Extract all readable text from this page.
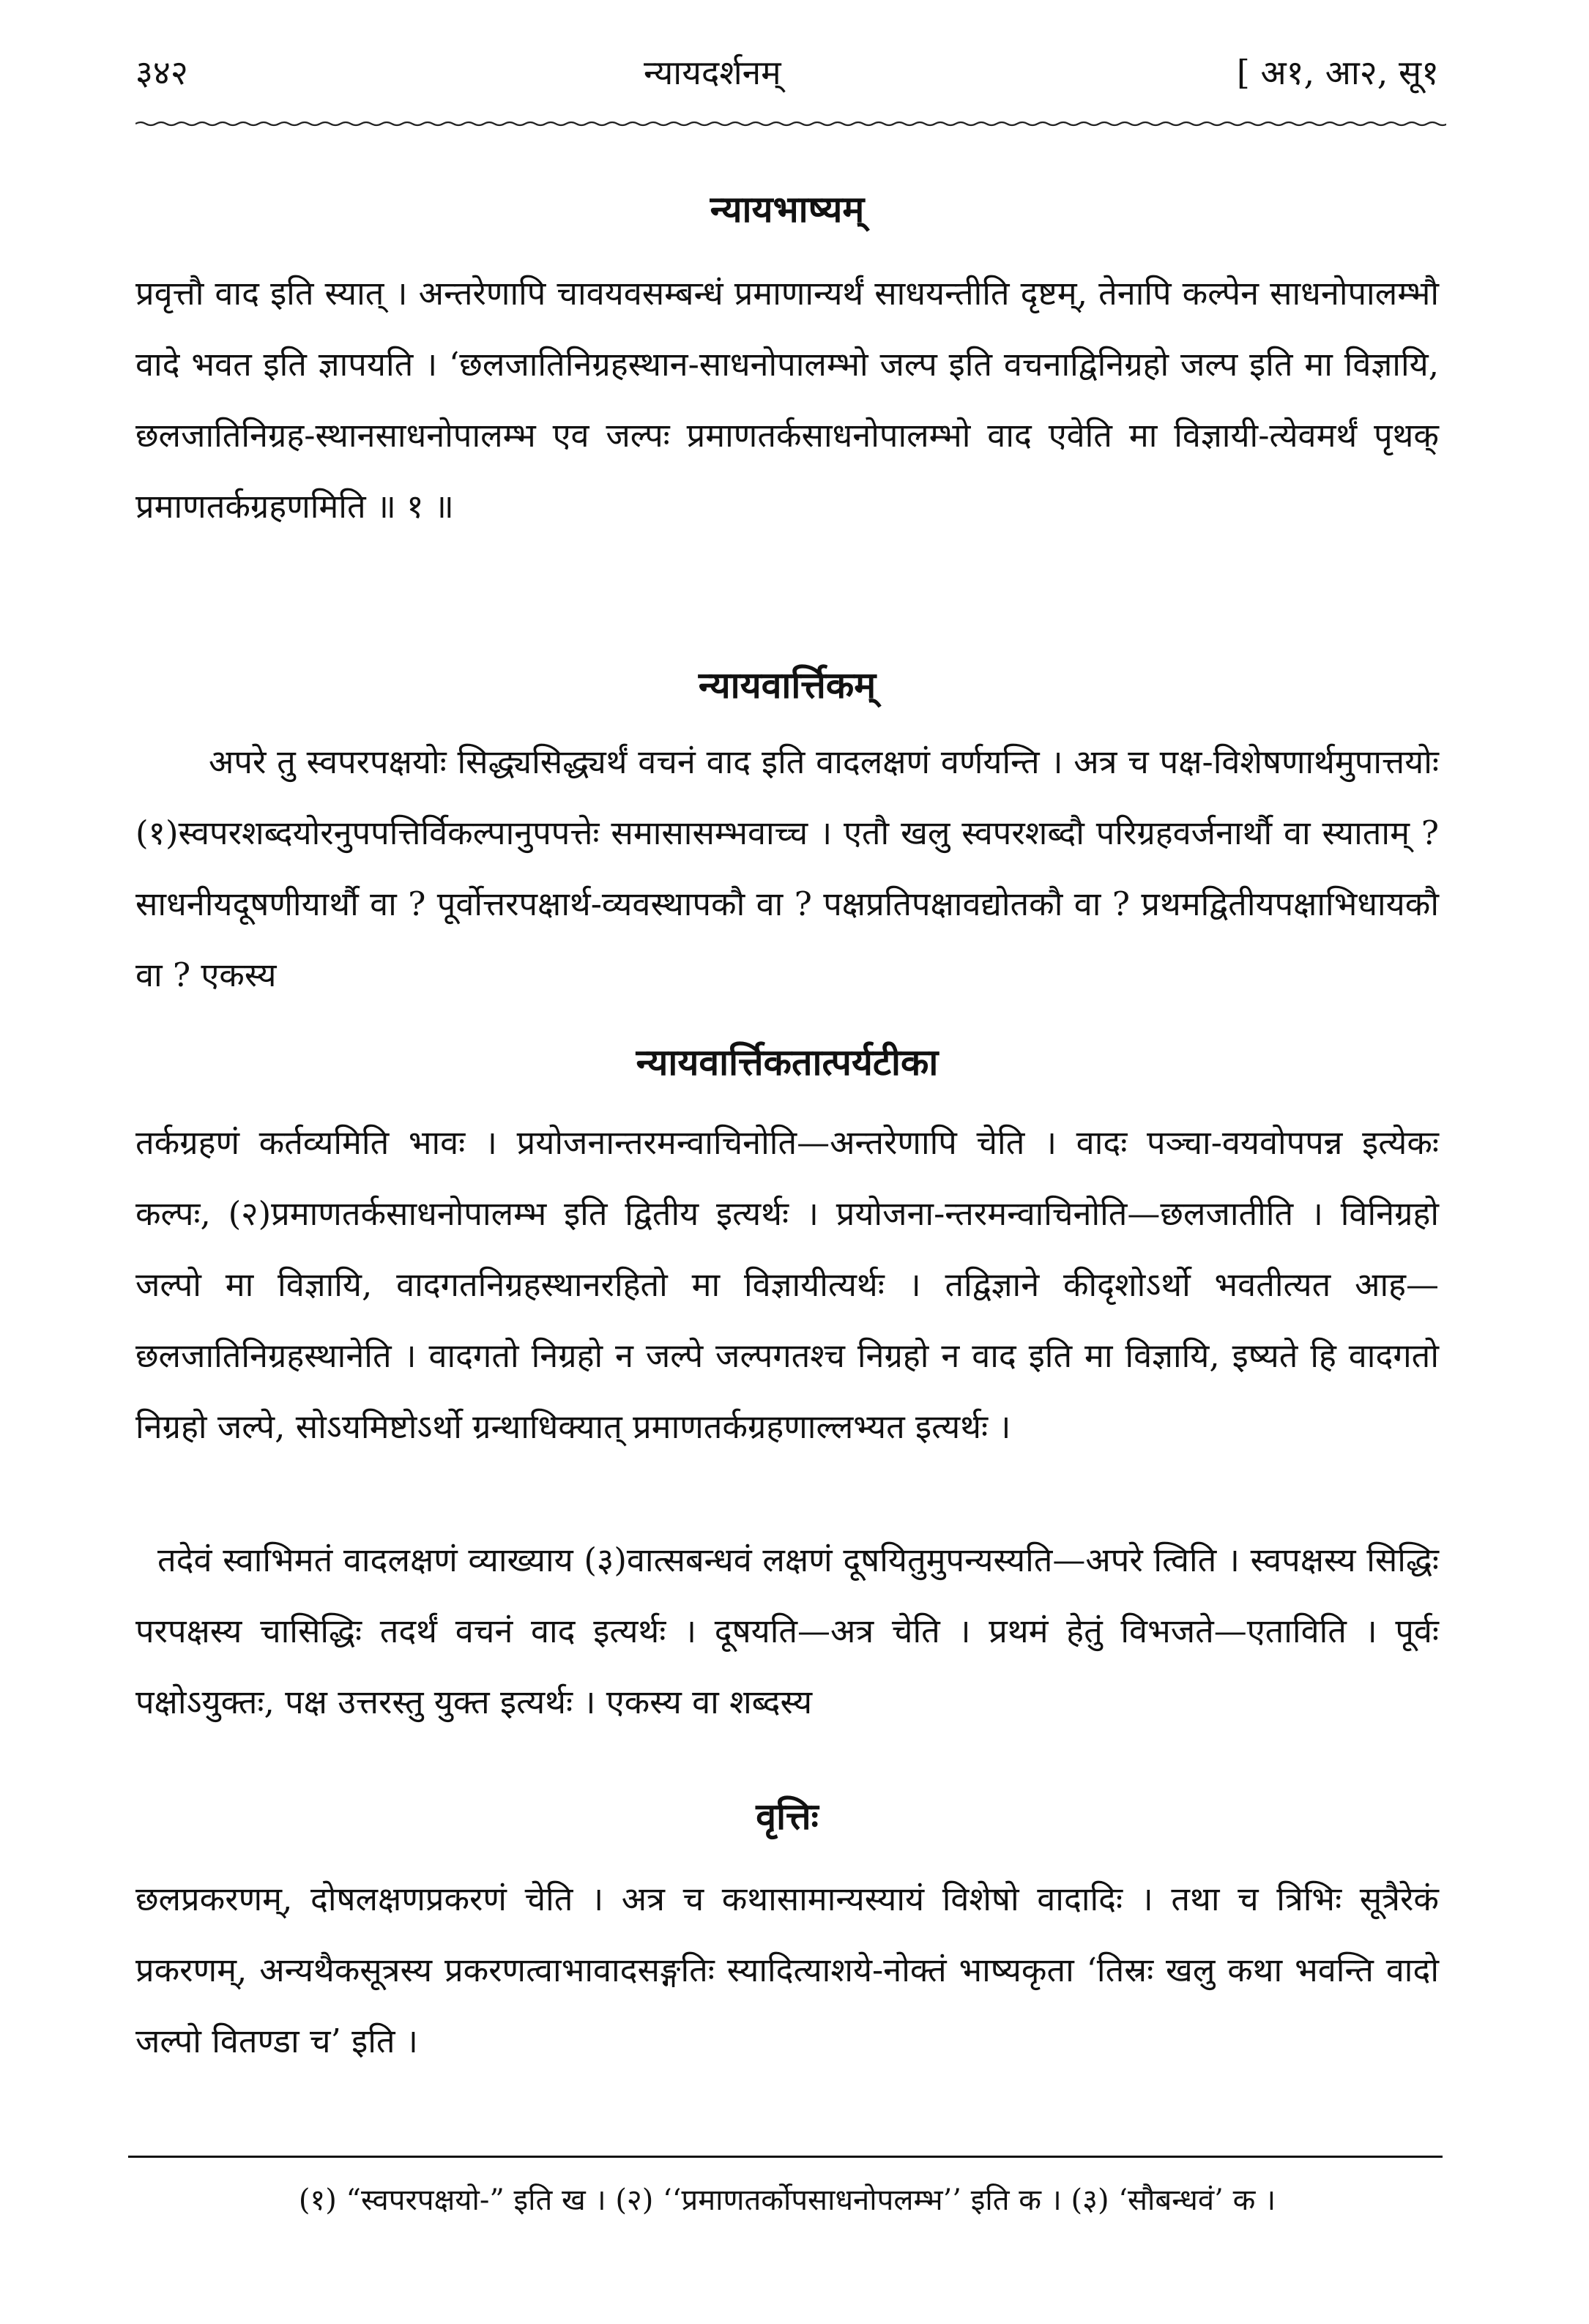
३४२	न्यायदर्शनम्	[ अ१, आ२, सू१
न्यायभाष्यम्
प्रवृत्तौ वाद इति स्यात् । अन्तरेणापि चावयवसम्बन्धं प्रमाणान्यर्थं साधयन्तीति दृष्टम्, तेनापि कल्पेन साधनोपालम्भौ वादे भवत इति ज्ञापयति । ‘छलजातिनिग्रहस्थान-साधनोपालम्भो जल्प इति वचनाद्विनिग्रहो जल्प इति मा विज्ञायि, छलजातिनिग्रह-स्थानसाधनोपालम्भ एव जल्पः प्रमाणतर्कसाधनोपालम्भो वाद एवेति मा विज्ञायी-त्येवमर्थं पृथक् प्रमाणतर्कग्रहणमिति ॥ १ ॥
न्यायवार्त्तिकम्
अपरे तु स्वपरपक्षयोः सिद्ध्यसिद्ध्यर्थं वचनं वाद इति वादलक्षणं वर्णयन्ति । अत्र च पक्ष-विशेषणार्थमुपात्तयोः (१)स्वपरशब्दयोरनुपपत्तिर्विकल्पानुपपत्तेः समासासम्भवाच्च । एतौ खलु स्वपरशब्दौ परिग्रहवर्जनार्थौ वा स्याताम् ? साधनीयदूषणीयार्थौ वा ? पूर्वोत्तरपक्षार्थ-व्यवस्थापकौ वा ? पक्षप्रतिपक्षावद्योतकौ वा ? प्रथमद्वितीयपक्षाभिधायकौ वा ? एकस्य
न्यायवार्त्तिकतात्पर्यटीका
तर्कग्रहणं कर्तव्यमिति भावः । प्रयोजनान्तरमन्वाचिनोति—अन्तरेणापि चेति । वादः पञ्चा-वयवोपपन्न इत्येकः कल्पः, (२)प्रमाणतर्कसाधनोपालम्भ इति द्वितीय इत्यर्थः । प्रयोजना-न्तरमन्वाचिनोति—छलजातीति । विनिग्रहो जल्पो मा विज्ञायि, वादगतनिग्रहस्थानरहितो मा विज्ञायीत्यर्थः । तद्विज्ञाने कीदृशोऽर्थो भवतीत्यत आह—छलजातिनिग्रहस्थानेति । वादगतो निग्रहो न जल्पे जल्पगतश्च निग्रहो न वाद इति मा विज्ञायि, इष्यते हि वादगतो निग्रहो जल्पे, सोऽयमिष्टोऽर्थो ग्रन्थाधिक्यात् प्रमाणतर्कग्रहणाल्लभ्यत इत्यर्थः ।
तदेवं स्वाभिमतं वादलक्षणं व्याख्याय (३)वात्सबन्धवं लक्षणं दूषयितुमुपन्यस्यति—अपरे त्विति । स्वपक्षस्य सिद्धिः परपक्षस्य चासिद्धिः तदर्थं वचनं वाद इत्यर्थः । दूषयति—अत्र चेति । प्रथमं हेतुं विभजते—एताविति । पूर्वः पक्षोऽयुक्तः, पक्ष उत्तरस्तु युक्त इत्यर्थः । एकस्य वा शब्दस्य
वृत्तिः
छलप्रकरणम्, दोषलक्षणप्रकरणं चेति । अत्र च कथासामान्यस्यायं विशेषो वादादिः । तथा च त्रिभिः सूत्रैरेकं प्रकरणम्, अन्यथैकसूत्रस्य प्रकरणत्वाभावादसङ्गतिः स्यादित्याशये-नोक्तं भाष्यकृता ‘तिस्रः खलु कथा भवन्ति वादो जल्पो वितण्डा च’ इति ।
(१) “स्वपरपक्षयो-” इति ख । (२) ‘‘प्रमाणतर्कोपसाधनोपलम्भ’’ इति क । (३) ‘सौबन्धवं’ क ।
